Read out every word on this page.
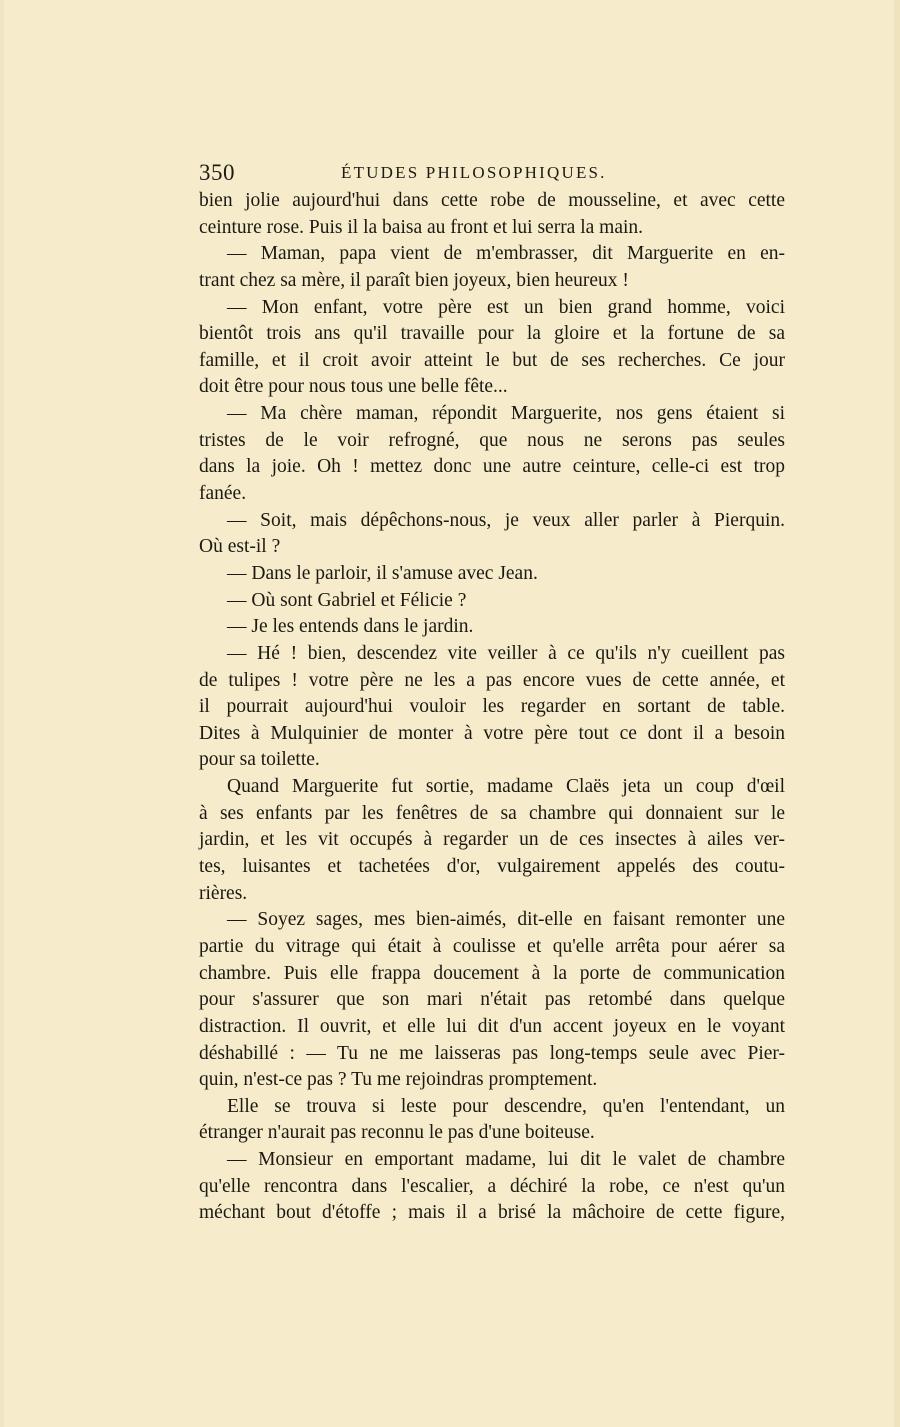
350	ÉTUDES PHILOSOPHIQUES.
bien jolie aujourd'hui dans cette robe de mousseline, et avec cette
ceinture rose. Puis il la baisa au front et lui serra la main.
— Maman, papa vient de m'embrasser, dit Marguerite en en-
trant chez sa mère, il paraît bien joyeux, bien heureux !
— Mon enfant, votre père est un bien grand homme, voici
bientôt trois ans qu'il travaille pour la gloire et la fortune de sa
famille, et il croit avoir atteint le but de ses recherches. Ce jour
doit être pour nous tous une belle fête...
— Ma chère maman, répondit Marguerite, nos gens étaient si
tristes de le voir refrogné, que nous ne serons pas seules
dans la joie. Oh ! mettez donc une autre ceinture, celle-ci est trop
fanée.
— Soit, mais dépêchons-nous, je veux aller parler à Pierquin.
Où est-il ?
— Dans le parloir, il s'amuse avec Jean.
— Où sont Gabriel et Félicie ?
— Je les entends dans le jardin.
— Hé ! bien, descendez vite veiller à ce qu'ils n'y cueillent pas
de tulipes ! votre père ne les a pas encore vues de cette année, et
il pourrait aujourd'hui vouloir les regarder en sortant de table.
Dites à Mulquinier de monter à votre père tout ce dont il a besoin
pour sa toilette.
Quand Marguerite fut sortie, madame Claës jeta un coup d'œil
à ses enfants par les fenêtres de sa chambre qui donnaient sur le
jardin, et les vit occupés à regarder un de ces insectes à ailes ver-
tes, luisantes et tachetées d'or, vulgairement appelés des coutu-
rières.
— Soyez sages, mes bien-aimés, dit-elle en faisant remonter une
partie du vitrage qui était à coulisse et qu'elle arrêta pour aérer sa
chambre. Puis elle frappa doucement à la porte de communication
pour s'assurer que son mari n'était pas retombé dans quelque
distraction. Il ouvrit, et elle lui dit d'un accent joyeux en le voyant
déshabillé : — Tu ne me laisseras pas long-temps seule avec Pier-
quin, n'est-ce pas ? Tu me rejoindras promptement.
Elle se trouva si leste pour descendre, qu'en l'entendant, un
étranger n'aurait pas reconnu le pas d'une boiteuse.
— Monsieur en emportant madame, lui dit le valet de chambre
qu'elle rencontra dans l'escalier, a déchiré la robe, ce n'est qu'un
méchant bout d'étoffe ; mais il a brisé la mâchoire de cette figure,
